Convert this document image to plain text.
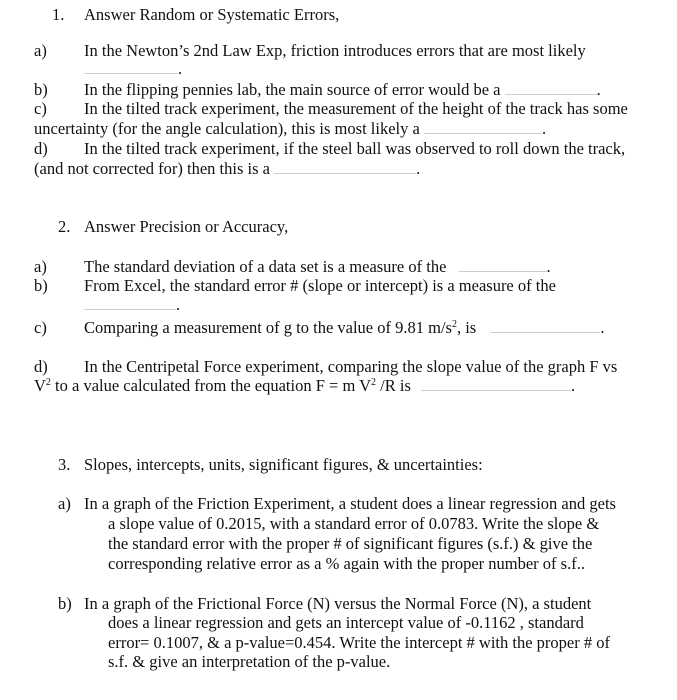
1. Answer Random or Systematic Errors,
a) In the Newton’s 2nd Law Exp, friction introduces errors that are most likely
.
b) In the flipping pennies lab, the main source of error would be a	.
c) In the tilted track experiment, the measurement of the height of the track has some
uncertainty (for the angle calculation), this is most likely a	.
d) In the tilted track experiment, if the steel ball was observed to roll down the track,
(and not corrected for) then this is a	.
2. Answer Precision or Accuracy,
a) The standard deviation of a data set is a measure of the	.
b) From Excel, the standard error # (slope or intercept) is a measure of the
.
c) Comparing a measurement of g to the value of 9.81 $m/s^2$, is	.
d) In the Centripetal Force experiment, comparing the slope value of the graph F vs
$V^2$ to a value calculated from the equation F = m $V^2$ /R is	.
3. Slopes, intercepts, units, significant figures, & uncertainties:
a) In a graph of the Friction Experiment, a student does a linear regression and gets
a slope value of 0.2015, with a standard error of 0.0783. Write the slope &
the standard error with the proper # of significant figures (s.f.) & give the
corresponding relative error as a % again with the proper number of s.f..
b) In a graph of the Frictional Force (N) versus the Normal Force (N), a student
does a linear regression and gets an intercept value of -0.1162 , standard
error= 0.1007, & a p-value=0.454. Write the intercept # with the proper # of
s.f. & give an interpretation of the p-value.
